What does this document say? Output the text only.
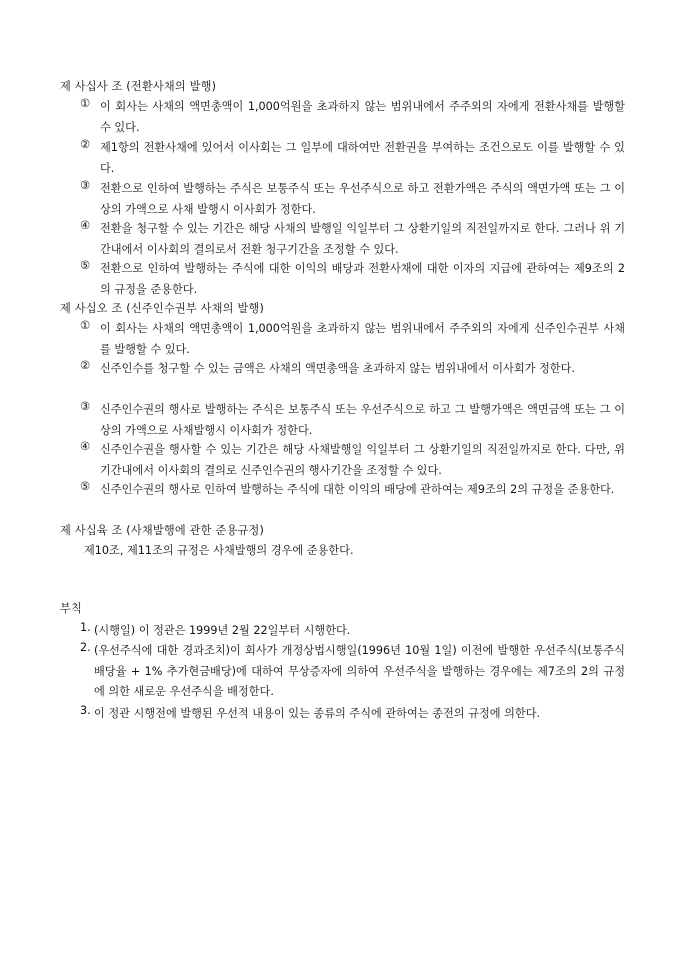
제 사십사 조 (전환사채의 발행)
① 이 회사는 사채의 액면총액이 1,000억원을 초과하지 않는 범위내에서 주주외의 자에게 전환사채를 발행할 수 있다.
② 제1항의 전환사채에 있어서 이사회는 그 일부에 대하여만 전환권을 부여하는 조건으로도 이를 발행할 수 있다.
③ 전환으로 인하여 발행하는 주식은 보통주식 또는 우선주식으로 하고 전환가액은 주식의 액면가액 또는 그 이상의 가액으로 사채 발행시 이사회가 정한다.
④ 전환을 청구할 수 있는 기간은 해당 사채의 발행일 익일부터 그 상환기일의 직전일까지로 한다. 그러나 위 기간내에서 이사회의 결의로서 전환 청구기간을 조정할 수 있다.
⑤ 전환으로 인하여 발행하는 주식에 대한 이익의 배당과 전환사채에 대한 이자의 지급에 관하여는 제9조의 2의 규정을 준용한다.
제 사십오 조 (신주인수권부 사채의 발행)
① 이 회사는 사채의 액면총액이 1,000억원을 초과하지 않는 범위내에서 주주외의 자에게 신주인수권부 사채를 발행할 수 있다.
② 신주인수를 청구할 수 있는 금액은 사채의 액면총액을 초과하지 않는 범위내에서 이사회가 정한다.
③ 신주인수권의 행사로 발행하는 주식은 보통주식 또는 우선주식으로 하고 그 발행가액은 액면금액 또는 그 이상의 가액으로 사채발행시 이사회가 정한다.
④ 신주인수권을 행사할 수 있는 기간은 해당 사채발행일 익일부터 그 상환기일의 직전일까지로 한다. 다만, 위 기간내에서 이사회의 결의로 신주인수권의 행사기간을 조정할 수 있다.
⑤ 신주인수권의 행사로 인하여 발행하는 주식에 대한 이익의 배당에 관하여는 제9조의 2의 규정을 준용한다.
제 사십육 조 (사채발행에 관한 준용규정)
제10조, 제11조의 규정은 사채발행의 경우에 준용한다.
부칙
1. (시행일) 이 정관은 1999년 2월 22일부터 시행한다.
2. (우선주식에 대한 경과조치)이 회사가 개정상법시행일(1996년 10월 1일) 이전에 발행한 우선주식(보통주식배당율 + 1% 추가현금배당)에 대하여 무상증자에 의하여 우선주식을 발행하는 경우에는 제7조의 2의 규정에 의한 새로운 우선주식을 배정한다.
3. 이 정관 시행전에 발행된 우선적 내용이 있는 종류의 주식에 관하여는 종전의 규정에 의한다.
